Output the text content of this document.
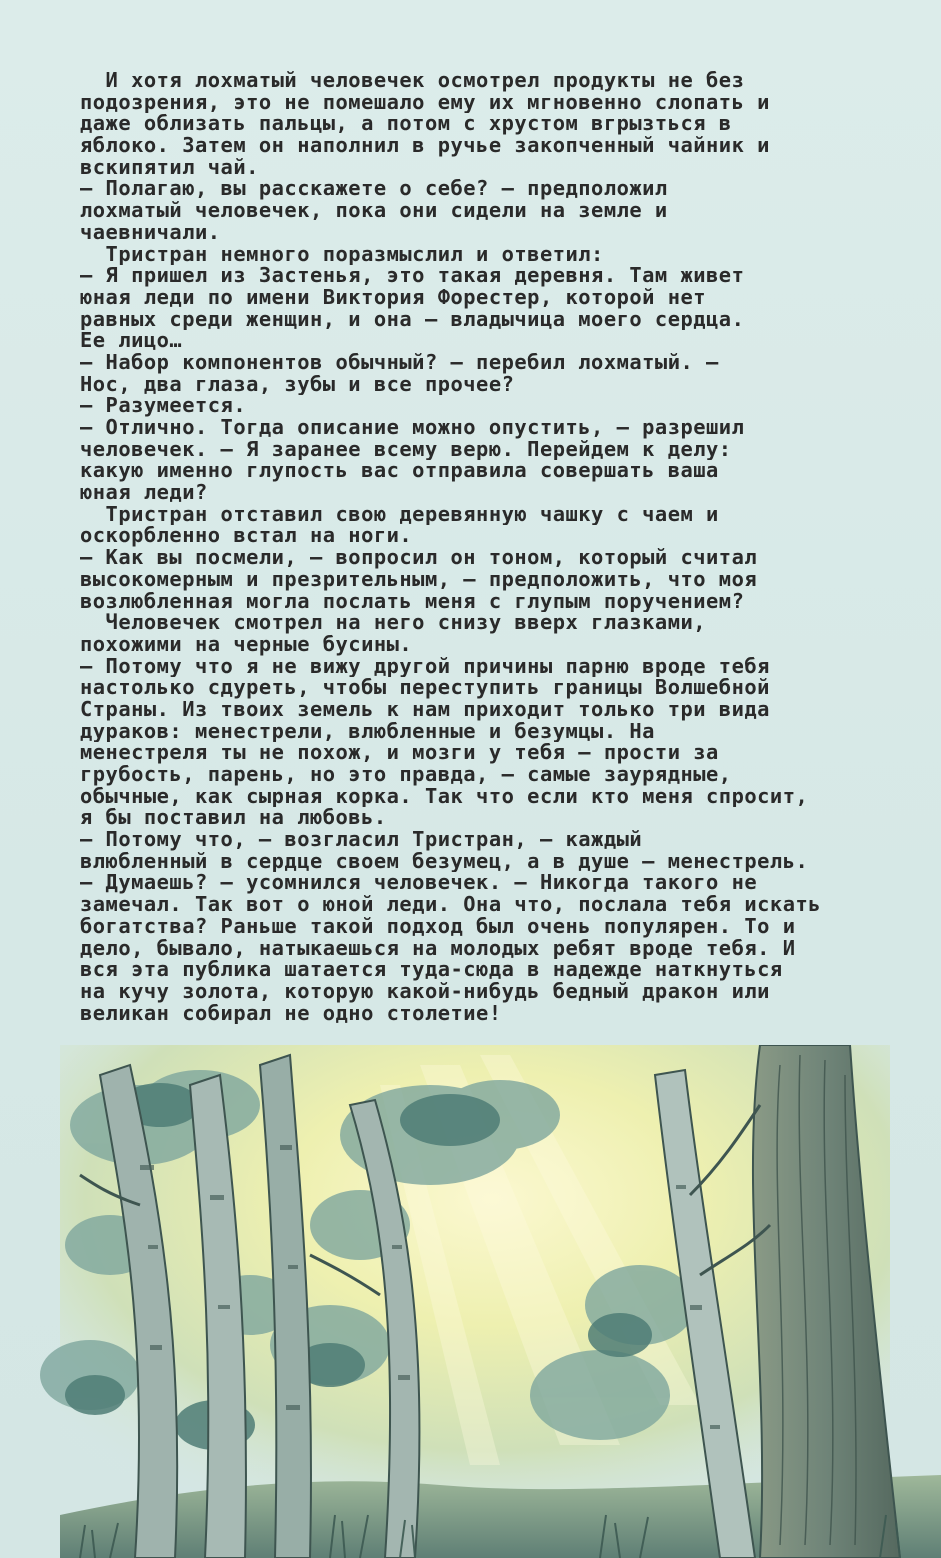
И хотя лохматый человечек осмотрел продукты не без
подозрения, это не помешало ему их мгновенно слопать и
даже облизать пальцы, а потом с хрустом вгрызться в
яблоко. Затем он наполнил в ручье закопченный чайник и
вскипятил чай.
— Полагаю, вы расскажете о себе? — предположил
лохматый человечек, пока они сидели на земле и
чаевничали.
Тристран немного поразмыслил и ответил:
— Я пришел из Застенья, это такая деревня. Там живет
юная леди по имени Виктория Форестер, которой нет
равных среди женщин, и она — владычица моего сердца.
Ее лицо…
— Набор компонентов обычный? — перебил лохматый. —
Нос, два глаза, зубы и все прочее?
— Разумеется.
— Отлично. Тогда описание можно опустить, — разрешил
человечек. — Я заранее всему верю. Перейдем к делу:
какую именно глупость вас отправила совершать ваша
юная леди?
Тристран отставил свою деревянную чашку с чаем и
оскорбленно встал на ноги.
— Как вы посмели, — вопросил он тоном, который считал
высокомерным и презрительным, — предположить, что моя
возлюбленная могла послать меня с глупым поручением?
Человечек смотрел на него снизу вверх глазками,
похожими на черные бусины.
— Потому что я не вижу другой причины парню вроде тебя
настолько сдуреть, чтобы переступить границы Волшебной
Страны. Из твоих земель к нам приходит только три вида
дураков: менестрели, влюбленные и безумцы. На
менестреля ты не похож, и мозги у тебя — прости за
грубость, парень, но это правда, — самые заурядные,
обычные, как сырная корка. Так что если кто меня спросит,
я бы поставил на любовь.
— Потому что, — возгласил Тристран, — каждый
влюбленный в сердце своем безумец, а в душе — менестрель.
— Думаешь? — усомнился человечек. — Никогда такого не
замечал. Так вот о юной леди. Она что, послала тебя искать
богатства? Раньше такой подход был очень популярен. То и
дело, бывало, натыкаешься на молодых ребят вроде тебя. И
вся эта публика шатается туда-сюда в надежде наткнуться
на кучу золота, которую какой-нибудь бедный дракон или
великан собирал не одно столетие!
